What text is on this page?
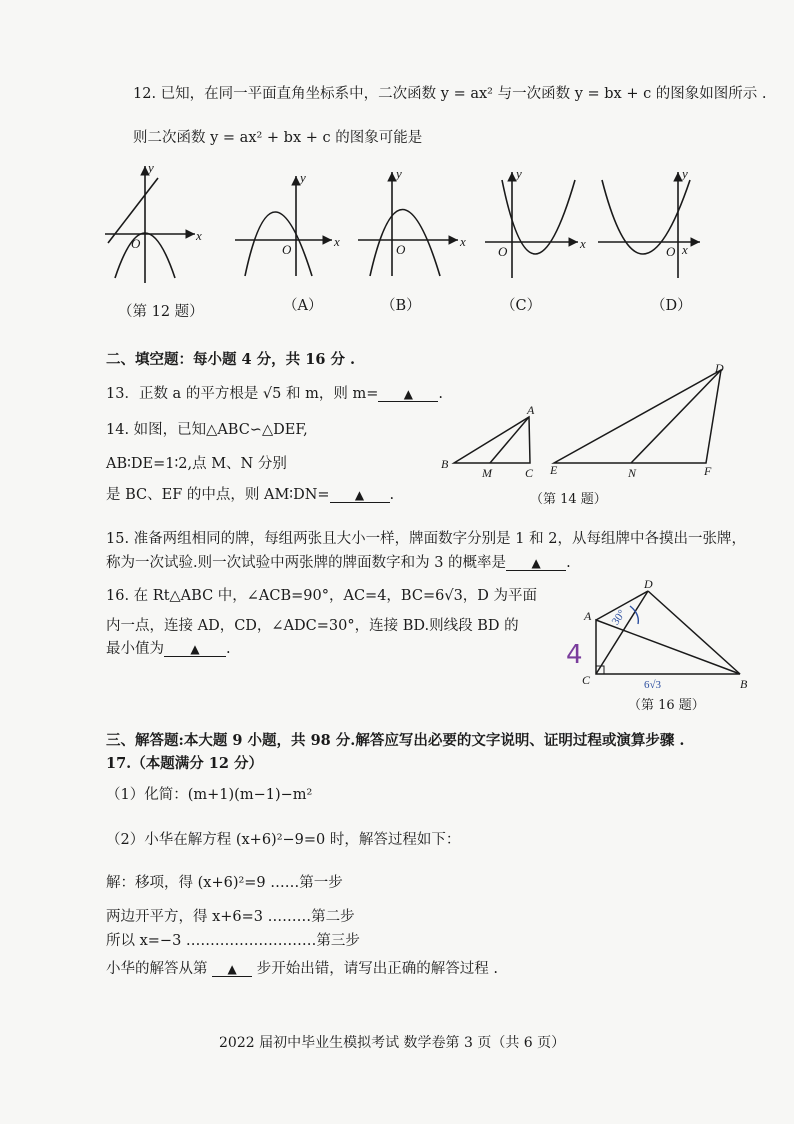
12. 已知，在同一平面直角坐标系中，二次函数 y = ax² 与一次函数 y = bx + c 的图象如图所示 .
则二次函数 y = ax² + bx + c 的图象可能是
y
x
O
y
x
O
y
x
O
y
x
O
y
x
O
（第 12 题）	（A）	（B）	（C）	（D）
二、填空题：每小题 4 分，共 16 分 .
13．正数 a 的平方根是 √5 和 m，则 m= ▲ .
14. 如图，已知△ABC∽△DEF,
AB∶DE=1∶2,点 M、N 分别
是 BC、EF 的中点，则 AM∶DN= ▲ .
A
B
M	C
D
E	N	F
（第 14 题）
15. 准备两组相同的牌，每组两张且大小一样，牌面数字分别是 1 和 2，从每组牌中各摸出一张牌，
称为一次试验.则一次试验中两张牌的牌面数字和为 3 的概率是 ▲ .
16. 在 Rt△ABC 中，∠ACB=90°，AC=4，BC=6√3，D 为平面
内一点，连接 AD，CD，∠ADC=30°，连接 BD.则线段 BD 的
最小值为 ▲ .
D
A
C	B
30°
6√3
4
（第 16 题）
三、解答题:本大题 9 小题，共 98 分.解答应写出必要的文字说明、证明过程或演算步骤 .
17.（本题满分 12 分）
（1）化简：(m+1)(m−1)−m²
（2）小华在解方程 (x+6)²−9=0 时，解答过程如下：
解：移项，得 (x+6)²=9 ……第一步
两边开平方，得 x+6=3 ………第二步
所以 x=−3 ………………………第三步
小华的解答从第 ▲ 步开始出错，请写出正确的解答过程 .
2022 届初中毕业生模拟考试 数学卷第 3 页（共 6 页）
